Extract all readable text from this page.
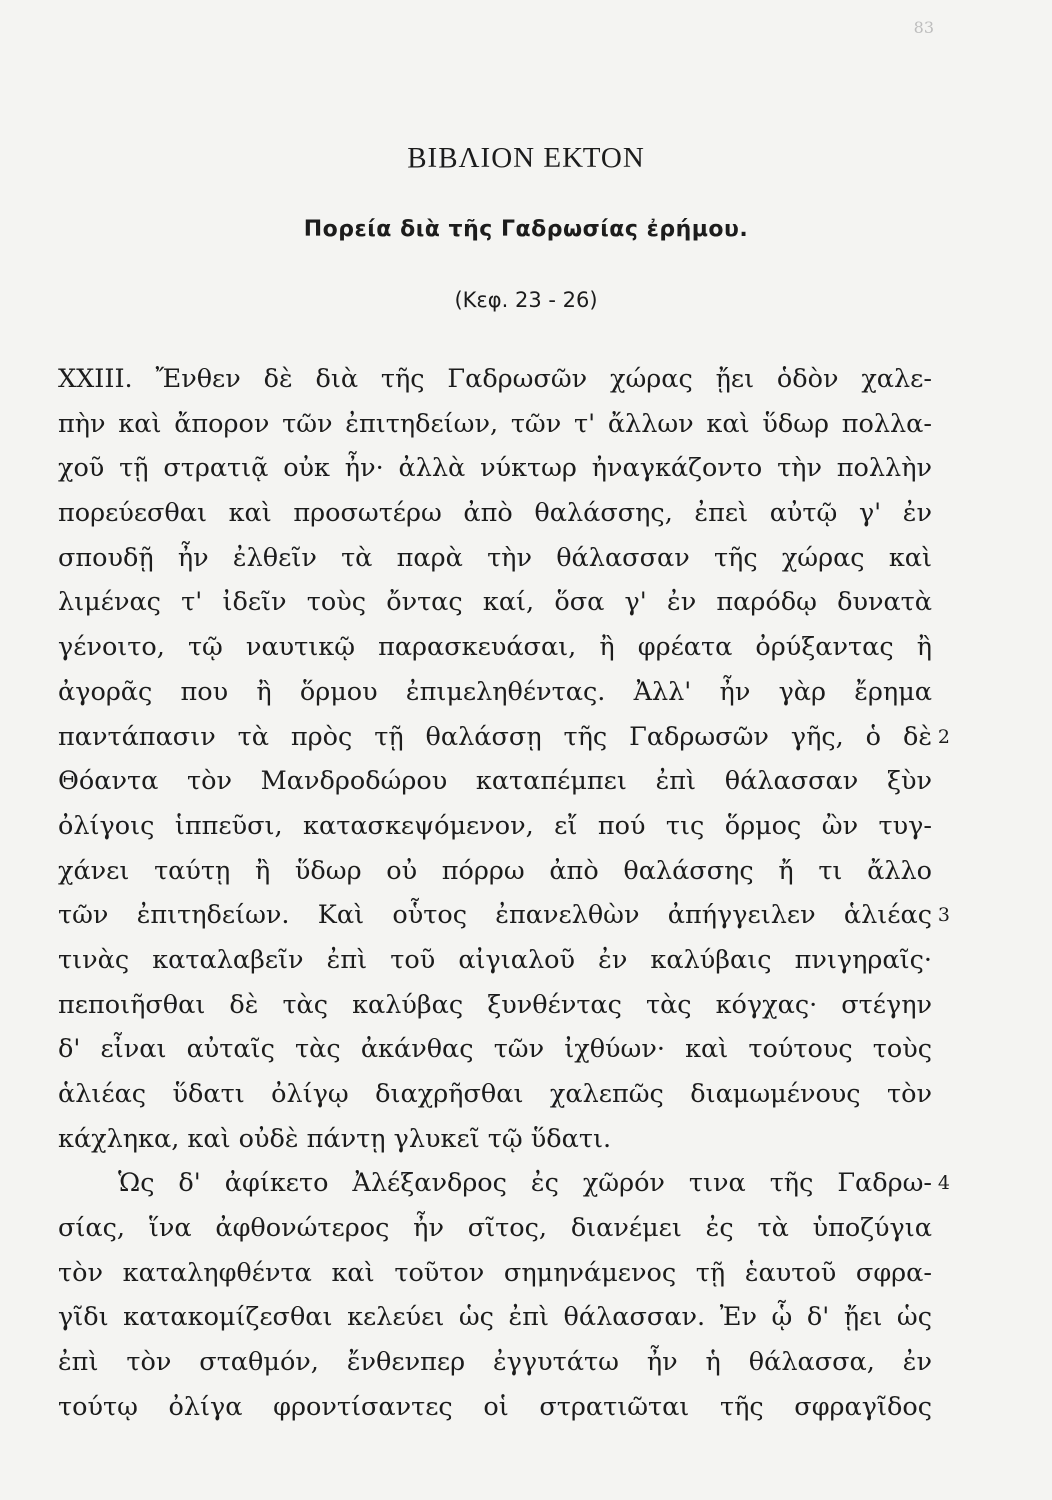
83
ΒΙΒΛΙΟΝ ΕΚΤΟΝ
Πορεία διὰ τῆς Γαδρωσίας ἐρήμου.
(Κεφ. 23 - 26)
XXIII. Ἔνθεν δὲ διὰ τῆς Γαδρωσῶν χώρας ᾔει ὁδὸν χαλε-
πὴν καὶ ἄπορον τῶν ἐπιτηδείων, τῶν τ' ἄλλων καὶ ὕδωρ πολλα-
χοῦ τῇ στρατιᾷ οὐκ ἦν· ἀλλὰ νύκτωρ ἠναγκάζοντο τὴν πολλὴν
πορεύεσθαι καὶ προσωτέρω ἀπὸ θαλάσσης, ἐπεὶ αὐτῷ γ' ἐν
σπουδῇ ἦν ἐλθεῖν τὰ παρὰ τὴν θάλασσαν τῆς χώρας καὶ
λιμένας τ' ἰδεῖν τοὺς ὄντας καί, ὅσα γ' ἐν παρόδῳ δυνατὰ
γένοιτο, τῷ ναυτικῷ παρασκευάσαι, ἢ φρέατα ὀρύξαντας ἢ
ἀγορᾶς που ἢ ὅρμου ἐπιμεληθέντας. Ἀλλ' ἦν γὰρ ἔρημα
παντάπασιν τὰ πρὸς τῇ θαλάσσῃ τῆς Γαδρωσῶν γῆς, ὁ δὲ 2
Θόαντα τὸν Μανδροδώρου καταπέμπει ἐπὶ θάλασσαν ξὺν
ὀλίγοις ἱππεῦσι, κατασκεψόμενον, εἴ πού τις ὅρμος ὢν τυγ-
χάνει ταύτῃ ἢ ὕδωρ οὐ πόρρω ἀπὸ θαλάσσης ἤ τι ἄλλο
τῶν ἐπιτηδείων. Καὶ οὗτος ἐπανελθὼν ἀπήγγειλεν ἁλιέας 3
τινὰς καταλαβεῖν ἐπὶ τοῦ αἰγιαλοῦ ἐν καλύβαις πνιγηραῖς·
πεποιῆσθαι δὲ τὰς καλύβας ξυνθέντας τὰς κόγχας· στέγην
δ' εἶναι αὐταῖς τὰς ἀκάνθας τῶν ἰχθύων· καὶ τούτους τοὺς
ἁλιέας ὕδατι ὀλίγῳ διαχρῆσθαι χαλεπῶς διαμωμένους τὸν
κάχληκα, καὶ οὐδὲ πάντῃ γλυκεῖ τῷ ὕδατι.
Ὡς δ' ἀφίκετο Ἀλέξανδρος ἐς χῶρόν τινα τῆς Γαδρω- 4
σίας, ἵνα ἀφθονώτερος ἦν σῖτος, διανέμει ἐς τὰ ὑποζύγια
τὸν καταληφθέντα καὶ τοῦτον σημηνάμενος τῇ ἑαυτοῦ σφρα-
γῖδι κατακομίζεσθαι κελεύει ὡς ἐπὶ θάλασσαν. Ἐν ᾧ δ' ᾔει ὡς
ἐπὶ τὸν σταθμόν, ἔνθενπερ ἐγγυτάτω ἦν ἡ θάλασσα, ἐν
τούτῳ ὀλίγα φροντίσαντες οἱ στρατιῶται τῆς σφραγῖδος
